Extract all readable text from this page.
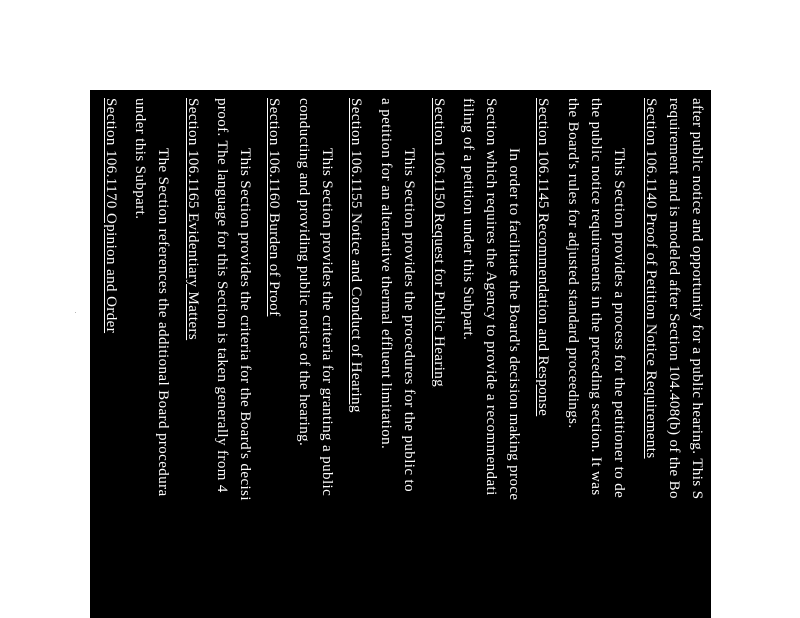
after public notice and opportunity for a public hearing. This S
requirement and is modeled after Section 104.408(b) of the Bo
Section 106.1140 Proof of Petition Notice Requirements
This Section provides a process for the petitioner to de
the public notice requirements in the preceding section. It was
the Board's rules for adjusted standard proceedings.
Section 106.1145 Recommendation and Response
In order to facilitate the Board's decision making proce
Section which requires the Agency to provide a recommendati
filing of a petition under this Subpart.
Section 106.1150 Request for Public Hearing
This Section provides the procedures for the public to
a petition for an alternative thermal effluent limitation.
Section 106.1155 Notice and Conduct of Hearing
This Section provides the criteria for granting a public
conducting and providing public notice of the hearing.
Section 106.1160 Burden of Proof
This Section provides the criteria for the Board's decisi
proof. The language for this Section is taken generally from 4
Section 106.1165 Evidentiary Matters
The Section references the additional Board procedura
under this Subpart.
Section 106.1170 Opinion and Order
